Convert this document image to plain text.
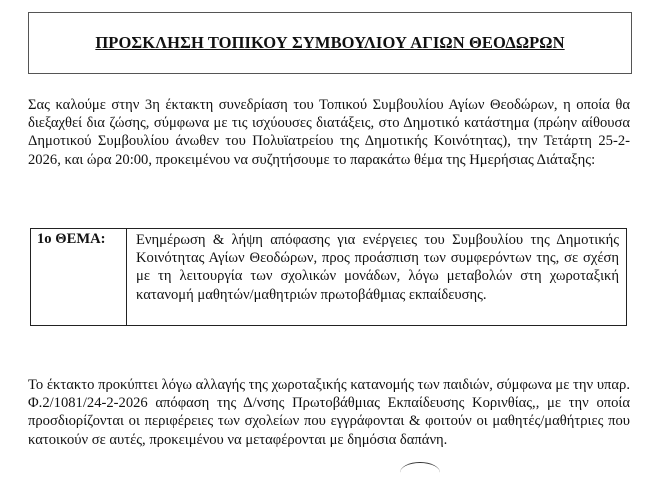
ΠΡΟΣΚΛΗΣΗ ΤΟΠΙΚΟΥ ΣΥΜΒΟΥΛΙΟΥ ΑΓΙΩΝ ΘΕΟΔΩΡΩΝ

Σας καλούμε στην 3η έκτακτη συνεδρίαση του Τοπικού Συμβουλίου Αγίων Θεοδώρων, η οποία θα διεξαχθεί δια ζώσης, σύμφωνα με τις ισχύουσες διατάξεις, στο Δημοτικό κατάστημα (πρώην αίθουσα Δημοτικού Συμβουλίου άνωθεν του Πολυϊατρείου της Δημοτικής Κοινότητας), την Τετάρτη 25-2-2026, και ώρα 20:00, προκειμένου να συζητήσουμε το παρακάτω θέμα της Ημερήσιας Διάταξης:

1ο ΘΕΜΑ:	Ενημέρωση & λήψη απόφασης για ενέργειες του Συμβουλίου της Δημοτικής Κοινότητας Αγίων Θεοδώρων, προς προάσπιση των συμφερόντων της, σε σχέση με τη λειτουργία των σχολικών μονάδων, λόγω μεταβολών στη χωροταξική κατανομή μαθητών/μαθητριών πρωτοβάθμιας εκπαίδευσης.

Το έκτακτο προκύπτει λόγω αλλαγής της χωροταξικής κατανομής των παιδιών, σύμφωνα με την υπαρ. Φ.2/1081/24-2-2026 απόφαση της Δ/νσης Πρωτοβάθμιας Εκπαίδευσης Κορινθίας,, με την οποία προσδιορίζονται οι περιφέρειες των σχολείων που εγγράφονται & φοιτούν οι μαθητές/μαθήτριες που κατοικούν σε αυτές, προκειμένου να μεταφέρονται με δημόσια δαπάνη.
